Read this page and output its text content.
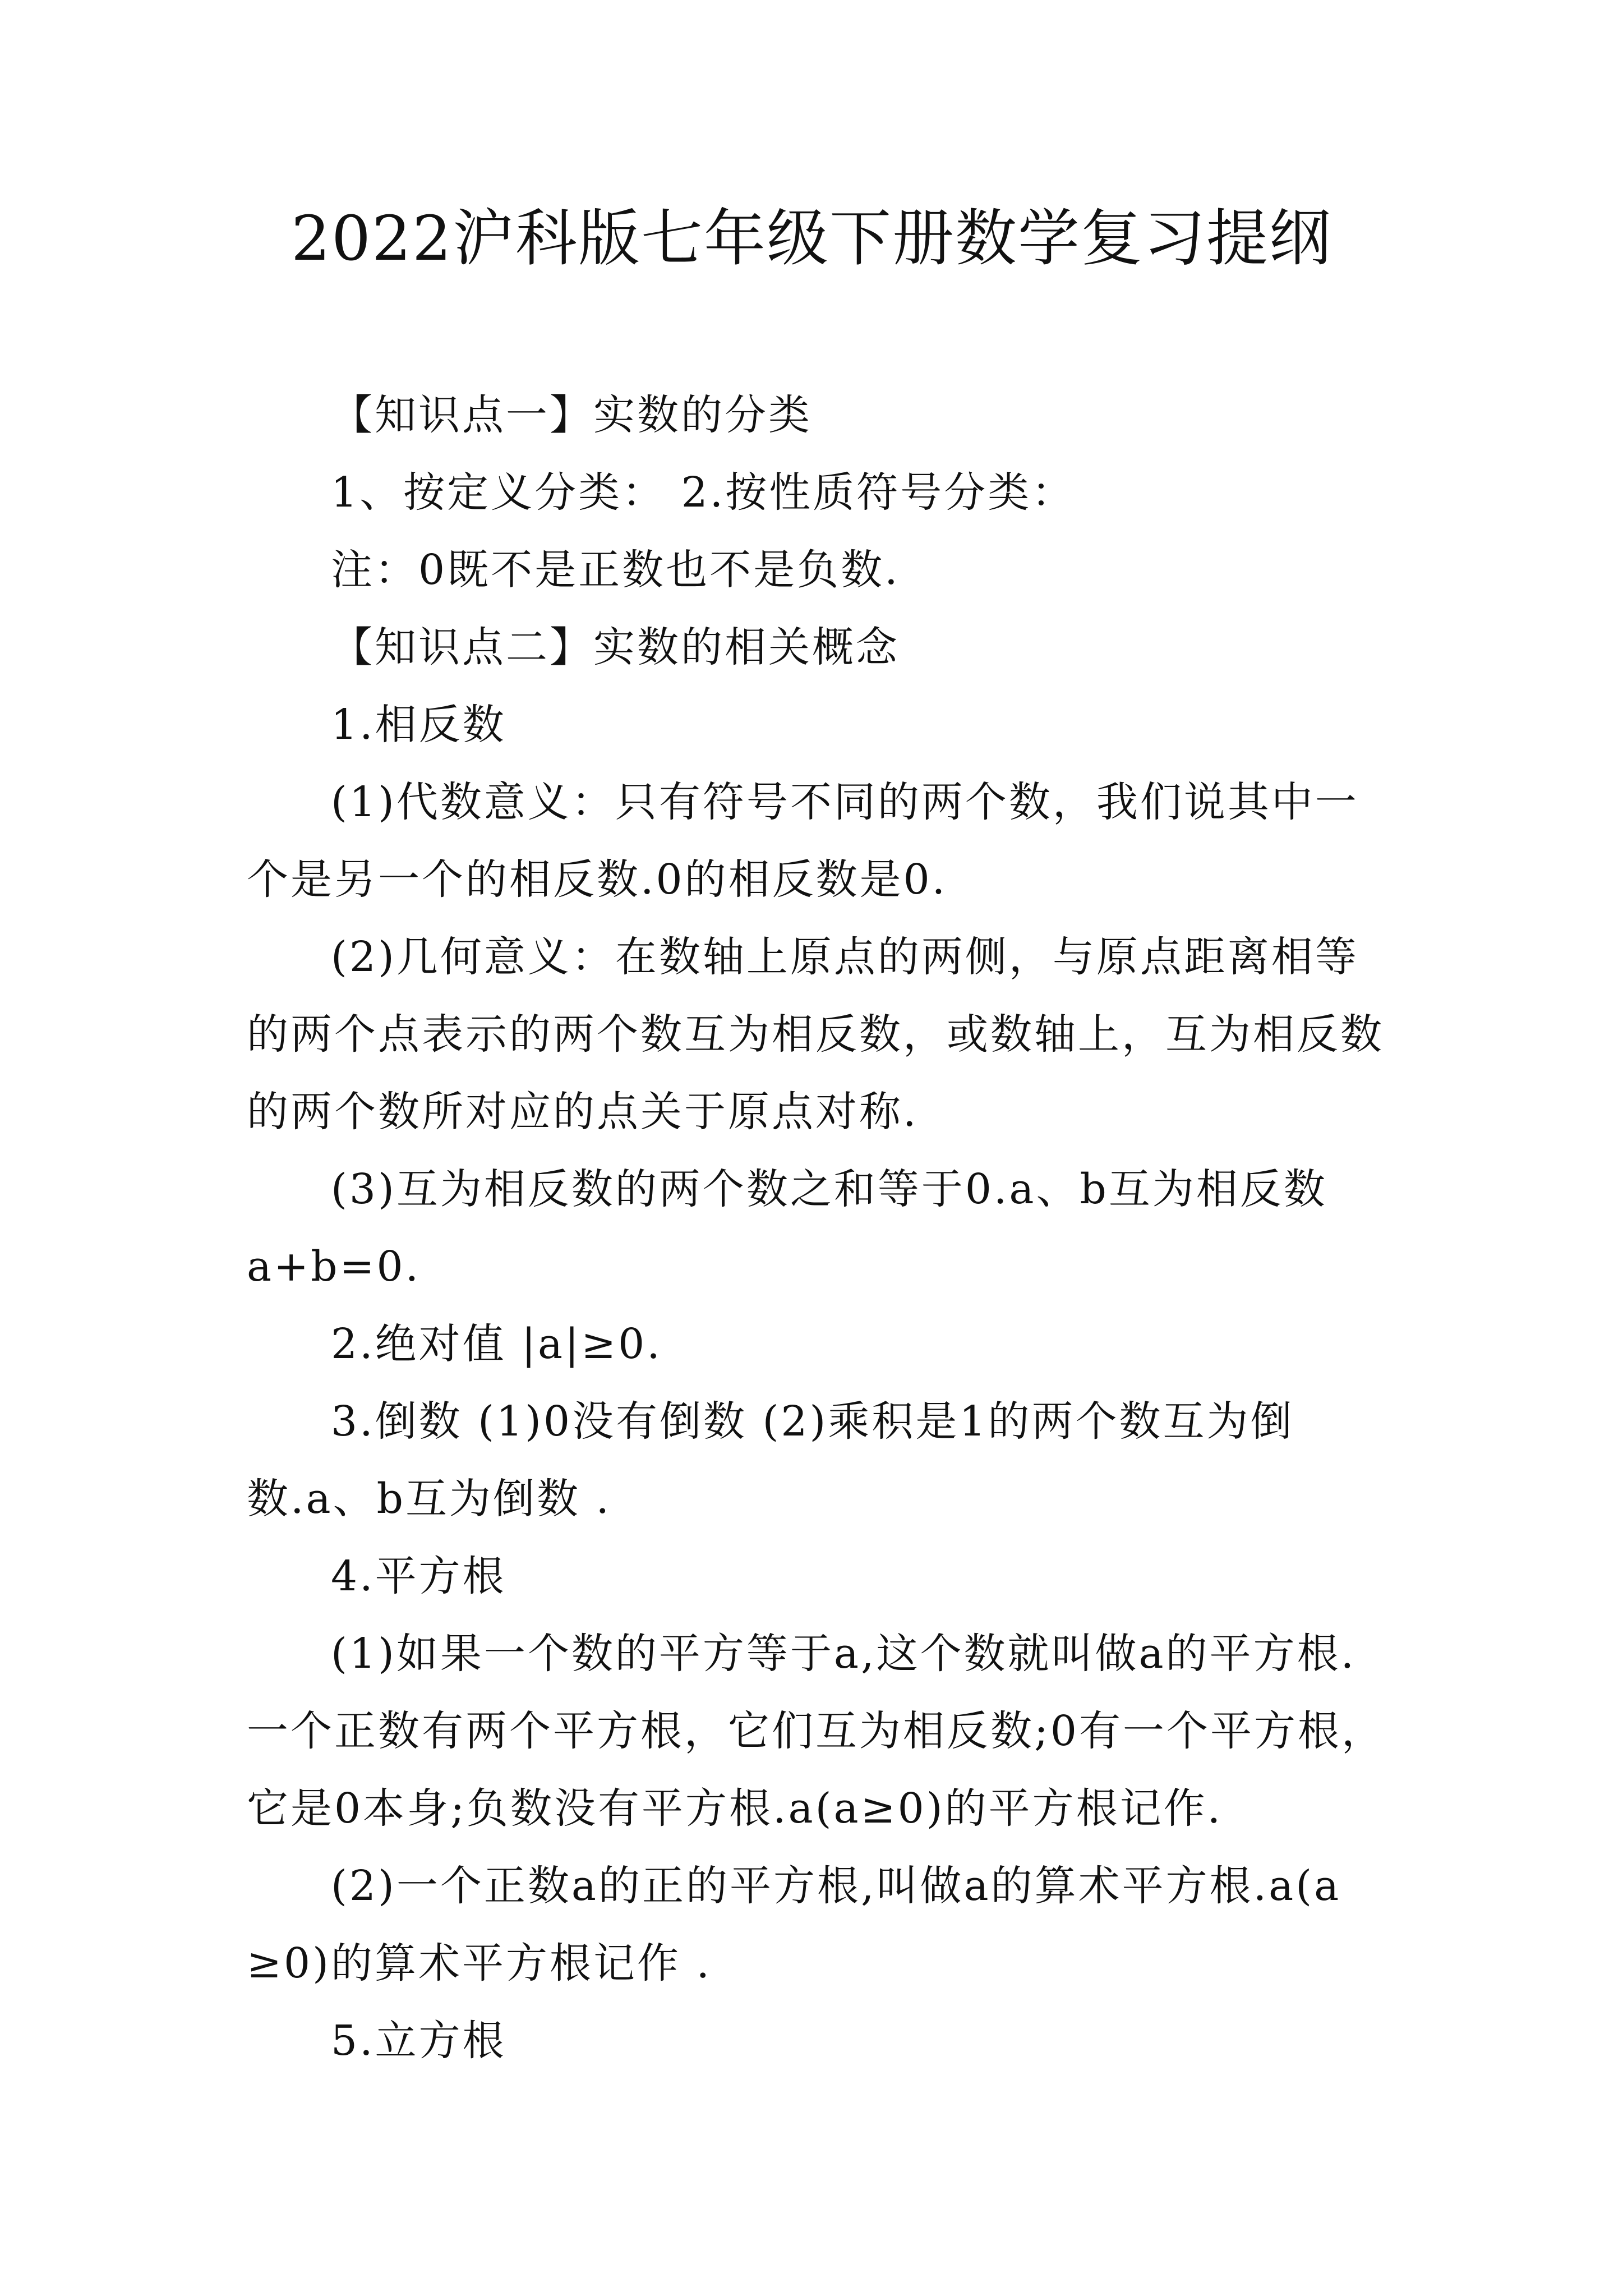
2022沪科版七年级下册数学复习提纲
【知识点一】实数的分类
1、按定义分类： 2.按性质符号分类：
注：0既不是正数也不是负数.
【知识点二】实数的相关概念
1.相反数
(1)代数意义：只有符号不同的两个数，我们说其中一
个是另一个的相反数.0的相反数是0.
(2)几何意义：在数轴上原点的两侧，与原点距离相等
的两个点表示的两个数互为相反数，或数轴上，互为相反数
的两个数所对应的点关于原点对称.
(3)互为相反数的两个数之和等于0.a、b互为相反数
a+b=0.
2.绝对值 |a|≥0.
3.倒数 (1)0没有倒数 (2)乘积是1的两个数互为倒
数.a、b互为倒数 .
4.平方根
(1)如果一个数的平方等于a,这个数就叫做a的平方根.
一个正数有两个平方根，它们互为相反数;0有一个平方根，
它是0本身;负数没有平方根.a(a≥0)的平方根记作.
(2)一个正数a的正的平方根,叫做a的算术平方根.a(a
≥0)的算术平方根记作 .
5.立方根
